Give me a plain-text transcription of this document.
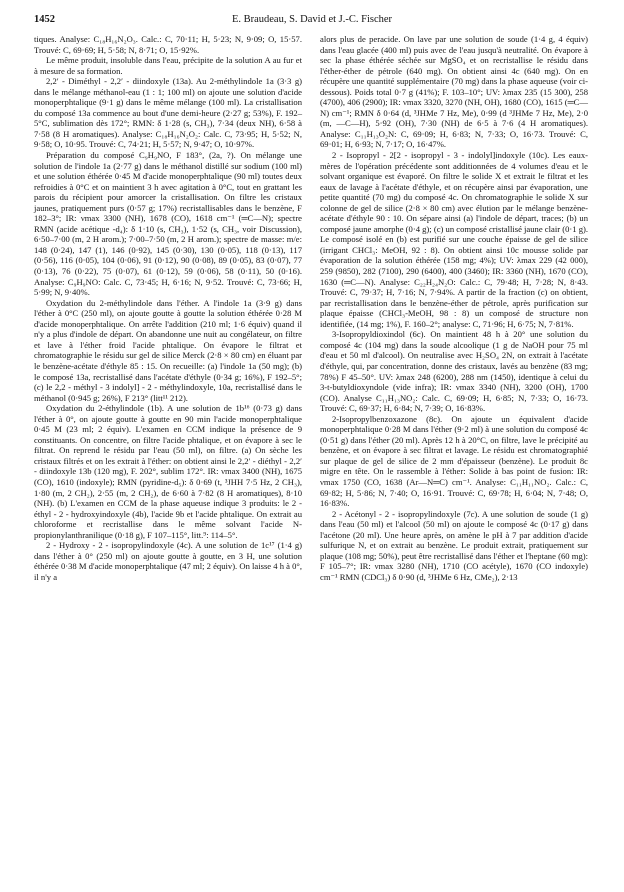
1452	E. Braudeau, S. David et J.-C. Fischer

tiques. Analyse: C₁₈H₁₆N₂O₃. Calc.: C, 70·11; H, 5·23; N, 9·09; O, 15·57. Trouvé: C, 69·69; H, 5·58; N, 8·71; O, 15·92%.

Le même produit, insoluble dans l'eau, précipite de la solution A au fur et à mesure de sa formation.

2,2′ - Diméthyl - 2,2′ - diindoxyle (13a). Au 2-méthylindole 1a (3·3 g) dans le mélange méthanol-eau (1 : 1; 100 ml) on ajoute une solution d'acide monoperphtalique (9·1 g) dans le même mélange (100 ml). La cristallisation du composé 13a commence au bout d'une demi-heure (2·27 g; 53%), F. 192–5°C, sublimation dès 172°; RMN: δ 1·28 (s, CH₃), 7·34 (deux NH), 6·58 à 7·58 (8 H aromatiques). Analyse: C₁₈H₁₆N₂O₂: Calc. C, 73·95; H, 5·52; N, 9·58; O, 10·95. Trouvé: C, 74·21; H, 5·57; N, 9·47; O, 10·97%.

Préparation du composé C₉H₉NO, F 183°, (2a, ?). On mélange une solution de l'indole 1a (2·77 g) dans le méthanol distillé sur sodium (100 ml) et une solution éthérée 0·45 M d'acide monoperphtalique (90 ml) toutes deux refroidies à 0°C et on maintient 3 h avec agitation à 0°C, tout en grattant les parois du récipient pour amorcer la cristallisation. On filtre les cristaux jaunes, pratiquement purs (0·57 g; 17%) recristallisables dans le benzène, F 182–3°; IR: νmax 3300 (NH), 1678 (CO), 1618 cm⁻¹ (═C—N); spectre RMN (acide acétique -d₄): δ 1·10 (s, CH₃), 1·52 (s, CH₃, voir Discussion), 6·50–7·00 (m, 2 H arom.); 7·00–7·50 (m, 2 H arom.); spectre de masse: m/e: 148 (0·24), 147 (1), 146 (0·92), 145 (0·30), 130 (0·05), 118 (0·13), 117 (0·56), 116 (0·05), 104 (0·06), 91 (0·12), 90 (0·08), 89 (0·05), 83 (0·07), 77 (0·13), 76 (0·22), 75 (0·07), 61 (0·12), 59 (0·06), 58 (0·11), 50 (0·16). Analyse: C₉H₉NO: Calc. C, 73·45; H, 6·16; N, 9·52. Trouvé: C, 73·66; H, 5·99; N, 9·40%.

Oxydation du 2-méthylindole dans l'éther. A l'indole 1a (3·9 g) dans l'éther à 0°C (250 ml), on ajoute goutte à goutte la solution éthérée 0·28 M d'acide monoperphtalique. On arrête l'addition (210 ml; 1·6 équiv) quand il n'y a plus d'indole de départ. On abandonne une nuit au congélateur, on filtre et lave à l'éther froid l'acide phtalique. On évapore le filtrat et chromatographie le résidu sur gel de silice Merck (2·8 × 80 cm) en éluant par le benzène-acétate d'éthyle 85 : 15. On recueille: (a) l'indole 1a (50 mg); (b) le composé 13a, recristallisé dans l'acétate d'éthyle (0·34 g; 16%), F 192–5°; (c) le 2,2 - méthyl - 3 indolyl] - 2 - méthylindoxyle, 10a, recristallisé dans le méthanol (0·945 g; 26%), F 213° (litt¹¹ 212).

Oxydation du 2-éthylindole (1b). A une solution de 1b¹⁶ (0·73 g) dans l'éther à 0°, on ajoute goutte à goutte en 90 min l'acide monoperphtalique 0·45 M (23 ml; 2 équiv). L'examen en CCM indique la présence de 9 constituants. On concentre, on filtre l'acide phtalique, et on évapore à sec le filtrat. On reprend le résidu par l'eau (50 ml), on filtre. (a) On sèche les cristaux filtrés et on les extrait à l'éther: on obtient ainsi le 2,2′ - diéthyl - 2,2′ - diindoxyle 13b (120 mg), F. 202°, sublim 172°. IR: νmax 3400 (NH), 1675 (CO), 1610 (indoxyle); RMN (pyridine-d₅): δ 0·69 (t, ³JHH 7·5 Hz, 2 CH₃), 1·80 (m, 2 CH₂), 2·55 (m, 2 CH₂), de 6·60 à 7·82 (8 H aromatiques), 8·10 (NH). (b) L'examen en CCM de la phase aqueuse indique 3 produits: le 2 - éthyl - 2 - hydroxyindoxyle (4b), l'acide 9b et l'acide phtalique. On extrait au chloroforme et recristallise dans le même solvant l'acide N-propionylanthranilique (0·18 g), F 107–115°, litt.⁹: 114–5°.

2 - Hydroxy - 2 - isopropylindoxyle (4c). A une solution de 1c¹⁷ (1·4 g) dans l'éther à 0° (250 ml) on ajoute goutte à goutte, en 3 H, une solution éthérée 0·38 M d'acide monoperphtalique (47 ml; 2 équiv). On laisse 4 h à 0°, il n'y a

alors plus de peracide. On lave par une solution de soude (1·4 g, 4 équiv) dans l'eau glacée (400 ml) puis avec de l'eau jusqu'à neutralité. On évapore à sec la phase éthérée séchée sur MgSO₄ et on recristallise le résidu dans l'éther-éther de pétrole (640 mg). On obtient ainsi 4c (640 mg). On en récupère une quantité supplémentaire (70 mg) dans la phase aqueuse (voir ci-dessous). Poids total 0·7 g (41%); F. 103–10°; UV: λmax 235 (15 300), 258 (4700), 406 (2900); IR: νmax 3320, 3270 (NH, OH), 1680 (CO), 1615 (═C—N) cm⁻¹; RMN δ 0·64 (d, ³JHMe 7 Hz, Me), 0·99 (d ³JHMe 7 Hz, Me), 2·0 (m, —C—H), 5·92 (OH), 7·30 (NH) de 6·5 à 7·6 (4 H aromatiques). Analyse: C₁₁H₁₃O₂N: C, 69·09; H, 6·83; N, 7·33; O, 16·73. Trouvé: C, 69·01; H, 6·93; N, 7·17; O, 16·47%.

2 - Isopropyl - 2[2 - isopropyl - 3 - indolyl]indoxyle (10c). Les eaux-mères de l'opération précédente sont additionnées de 4 volumes d'eau et le solvant organique est évaporé. On filtre le solide X et extrait le filtrat et les eaux de lavage à l'acétate d'éthyle, et on récupère ainsi par évaporation, une petite quantité (70 mg) du composé 4c. On chromatographie le solide X sur colonne de gel de silice (2·8 × 80 cm) avec élution par le mélange benzène-acétate d'éthyle 90 : 10. On sépare ainsi (a) l'indole de départ, traces; (b) un composé jaune amorphe (0·4 g); (c) un composé cristallisé jaune clair (0·1 g). Le composé isolé en (b) est purifié sur une couche épaisse de gel de silice (irrigant CHCl₃: MeOH, 92 : 8). On obtient ainsi 10c mousse solide par évaporation de la solution éthérée (158 mg; 4%); UV: λmax 229 (42 000), 259 (9850), 282 (7100), 290 (6400), 400 (3460); IR: 3360 (NH), 1670 (CO), 1630 (═C—N). Analyse: C₂₂H₂₄N₂O: Calc.: C, 79·48; H, 7·28; N, 8·43. Trouvé: C, 79·37; H, 7·16; N, 7·94%. A partir de la fraction (c) on obtient, par recristallisation dans le benzène-éther de pétrole, après purification sur plaque épaisse (CHCl₃-MeOH, 98 : 8) un composé de structure non identifiée, (14 mg; 1%), F. 160–2°; analyse: C, 71·96; H, 6·75; N, 7·81%.

3-Isopropyldioxindol (6c). On maintient 48 h à 20° une solution du composé 4c (104 mg) dans la soude alcoolique (1 g de NaOH pour 75 ml d'eau et 50 ml d'alcool). On neutralise avec H₂SO₄ 2N, on extrait à l'acétate d'éthyle, qui, par concentration, donne des cristaux, lavés au benzène (83 mg; 78%) F 45–50°. UV: λmax 248 (6200), 288 nm (1450), identique à celui du 3-t-butyldioxyndole (vide infra); IR: νmax 3340 (NH), 3200 (OH), 1700 (CO). Analyse C₁₁H₁₃NO₂: Calc. C, 69·09; H, 6·85; N, 7·33; O, 16·73. Trouvé: C, 69·37; H, 6·84; N, 7·39; O, 16·83%.

2-Isopropylbenzoxazone (8c). On ajoute un équivalent d'acide monoperphtalique 0·28 M dans l'éther (9·2 ml) à une solution du composé 4c (0·51 g) dans l'éther (20 ml). Après 12 h à 20°C, on filtre, lave le précipité au benzène, et on évapore à sec filtrat et lavage. Le résidu est chromatographié sur plaque de gel de silice de 2 mm d'épaisseur (benzène). Le produit 8c migre en tête. On le rassemble à l'éther: Solide à bas point de fusion: IR: νmax 1750 (CO, 1638 (Ar—N═C) cm⁻¹. Analyse: C₁₁H₁₁NO₂. Calc.: C, 69·82; H, 5·86; N, 7·40; O, 16·91. Trouvé: C, 69·78; H, 6·04; N, 7·48; O, 16·83%.

2 - Acétonyl - 2 - isopropylindoxyle (7c). A une solution de soude (1 g) dans l'eau (50 ml) et l'alcool (50 ml) on ajoute le composé 4c (0·17 g) dans l'acétone (20 ml). Une heure après, on amène le pH à 7 par addition d'acide sulfurique N, et on extrait au benzène. Le produit extrait, pratiquement sur plaque (108 mg; 50%), peut être recristallisé dans l'éther et l'heptane (60 mg): F 105–7°; IR: νmax 3280 (NH), 1710 (CO acétyle), 1670 (CO indoxyle) cm⁻¹ RMN (CDCl₃) δ 0·90 (d, ³JHMe 6 Hz, CMe₂), 2·13
